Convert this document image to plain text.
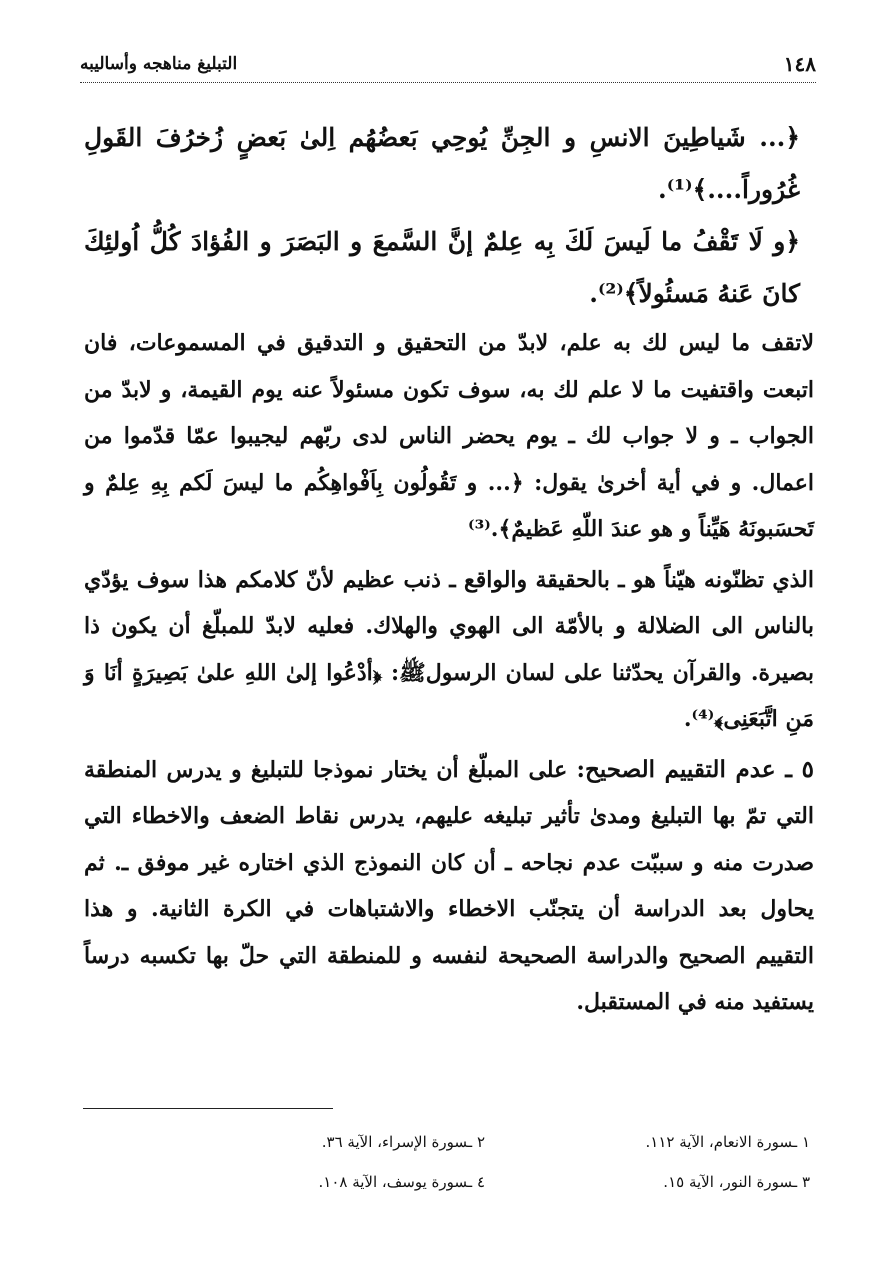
١٤٨
التبليغ مناهجه وأساليبه

﴿... شَياطِينَ الانسِ و الجِنِّ يُوحِي بَعضُهُم اِلیٰ بَعضٍ زُخرُفَ القَولِ غُرُوراً....﴾⁽¹⁾.

﴿و لَا تَقْفُ ما لَيسَ لَكَ بِه عِلمٌ إنَّ السَّمعَ و البَصَرَ و الفُؤادَ كُلُّ اُولئِكَ كانَ عَنهُ مَسئُولاً﴾⁽²⁾.

لاتقف ما ليس لك به علم، لابدّ من التحقيق و التدقيق في المسموعات، فان اتبعت واقتفيت ما لا علم لك به، سوف تكون مسئولاً عنه يوم القيمة، و لابدّ من الجواب ـ و لا جواب لك ـ يوم يحضر الناس لدى ربّهم ليجيبوا عمّا قدّموا من اعمال. و في أية أخرىٰ يقول: ﴿... و تَقُولُون بِاَفْواهِكُم ما ليسَ لَكم بِهِ عِلمٌ و تَحسَبونَهُ هَيِّناً و هو عندَ اللّهِ عَظيمٌ﴾.⁽³⁾

الذي تظنّونه هيّناً هو ـ بالحقيقة والواقع ـ ذنب عظيم لأنّ كلامكم هذا سوف يؤدّي بالناس الى الضلالة و بالأمّة الى الهوي والهلاك. فعليه لابدّ للمبلّغ أن يكون ذا بصيرة. والقرآن يحدّثنا على لسان الرسولﷺ: ﴿أدْعُوا إلیٰ اللهِ علیٰ بَصِيرَةٍ أنَا وَ مَنِ اتَّبَعَنِی﴾⁽⁴⁾.

٥ ـ عدم التقييم الصحيح: على المبلّغ أن يختار نموذجا للتبليغ و يدرس المنطقة التي تمّ بها التبليغ ومدىٰ تأثير تبليغه عليهم، يدرس نقاط الضعف والاخطاء التي صدرت منه و سببّت عدم نجاحه ـ أن كان النموذج الذي اختاره غير موفق ـ. ثم يحاول بعد الدراسة أن يتجنّب الاخطاء والاشتباهات في الكرة الثانية. و هذا التقييم الصحيح والدراسة الصحيحة لنفسه و للمنطقة التي حلّ بها تكسبه درساً يستفيد منه في المستقبل.

١ ـسورة الانعام، الآية ١١٢.
٢ ـسورة الإسراء، الآية ٣٦.
٣ ـسورة النور، الآية ١٥.
٤ ـسورة يوسف، الآية ١٠٨.
